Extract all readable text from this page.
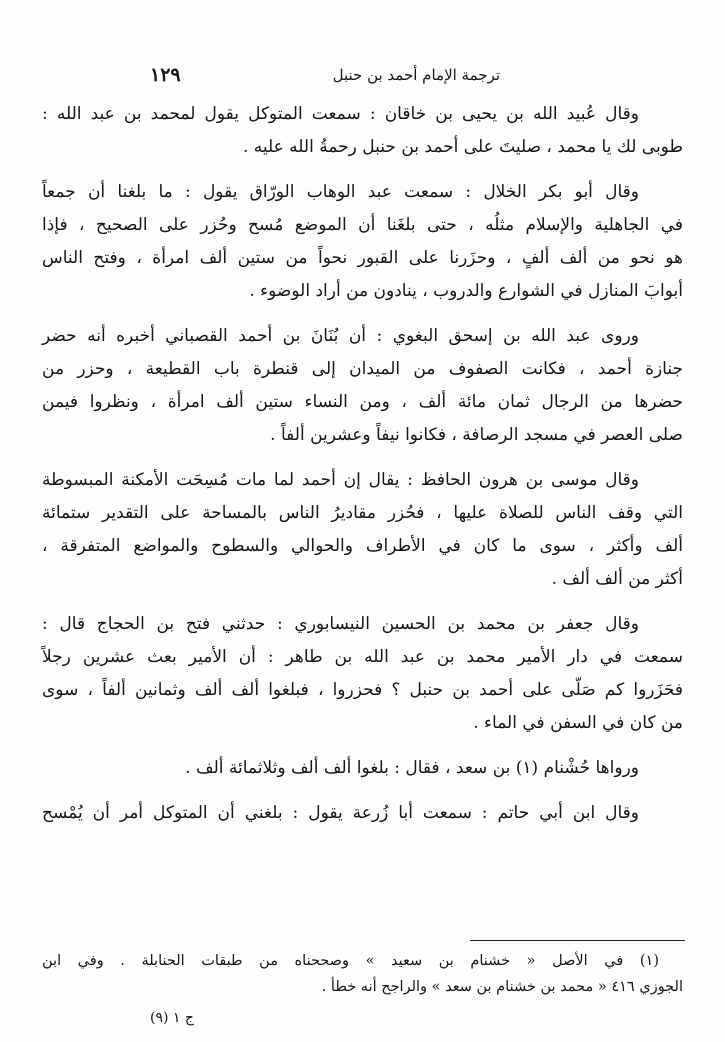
ترجمة الإمام أحمد بن حنبل
١٢٩
وقال عُبيد الله بن يحيى بن خاقان : سمعت المتوكل يقول لمحمد بن عبد الله :
طوبى لك يا محمد ، صليتَ على أحمد بن حنبل رحمةُ الله عليه .
وقال أبو بكر الخلال : سمعت عبد الوهاب الورّاق يقول : ما بلغنا أن جمعاً
في الجاهلية والإسلام مثلُه ، حتى بلغَنا أن الموضع مُسح وحُزر على الصحيح ، فإذا
هو نحو من ألف ألفٍ ، وحزَرنا على القبور نحواً من ستين ألف امرأة ، وفتح الناس
أبوابَ المنازل في الشوارع والدروب ، ينادون من أراد الوضوء .
وروى عبد الله بن إسحق البغوي : أن بُنَانَ بن أحمد القصباني أخبره أنه حضر
جنازة أحمد ، فكانت الصفوف من الميدان إلى قنطرة باب القطيعة ، وحزر من
حضرها من الرجال ثمان مائة ألف ، ومن النساء ستين ألف امرأة ، ونظروا فيمن
صلى العصر في مسجد الرصافة ، فكانوا نيفاً وعشرين ألفاً .
وقال موسى بن هرون الحافظ : يقال إن أحمد لما مات مُسِحَت الأمكنة المبسوطة
التي وقف الناس للصلاة عليها ، فحُزر مقاديرُ الناس بالمساحة على التقدير ستمائة
ألف وأكثر ، سوى ما كان في الأطراف والحوالي والسطوح والمواضع المتفرقة ،
أكثر من ألف ألف .
وقال جعفر بن محمد بن الحسين النيسابوري : حدثني فتح بن الحجاج قال :
سمعت في دار الأمير محمد بن عبد الله بن طاهر : أن الأمير بعث عشرين رجلاً
فحَزَروا كم صَلّى على أحمد بن حنبل ؟ فحزروا ، فبلغوا ألف ألف وثمانين ألفاً ، سوى
من كان في السفن في الماء .
ورواها حُشْنام (١) بن سعد ، فقال : بلغوا ألف ألف وثلاثمائة ألف .
وقال ابن أبي حاتم : سمعت أبا زُرعة يقول : بلغني أن المتوكل أمر أن يُمْسح
(١) في الأصل « خشنام بن سعيد » وصححناه من طبقات الحنابلة . وفي ابن
الجوزي ٤١٦ « محمد بن خشنام بن سعد » والراجح أنه خطأ .
ج ١ (٩)
